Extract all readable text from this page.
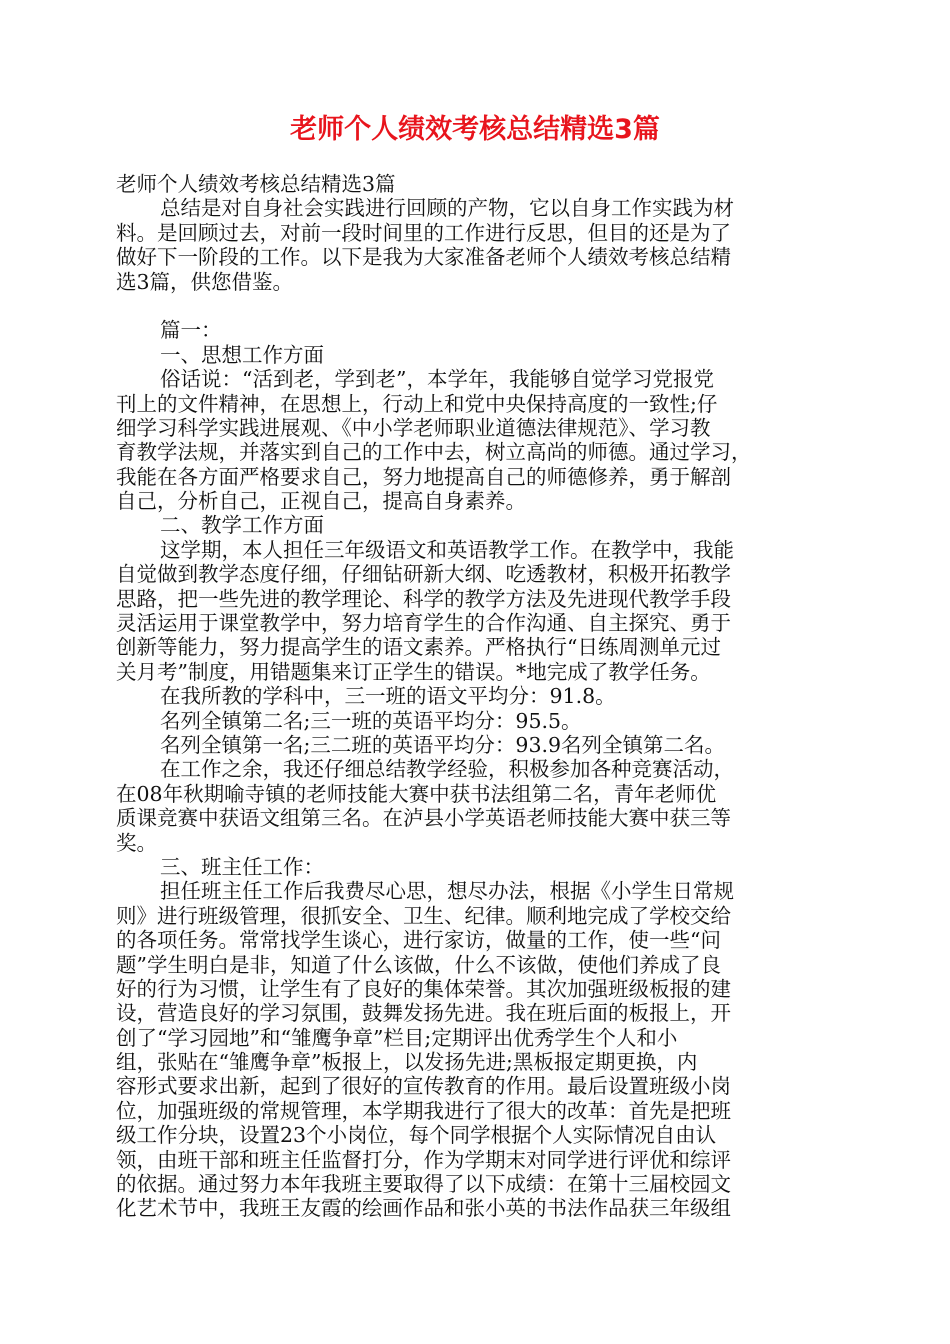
老师个人绩效考核总结精选3篇
老师个人绩效考核总结精选3篇
总结是对自身社会实践进行回顾的产物，它以自身工作实践为材
料。是回顾过去，对前一段时间里的工作进行反思，但目的还是为了
做好下一阶段的工作。以下是我为大家准备老师个人绩效考核总结精
选3篇，供您借鉴。
篇一：
一、思想工作方面
俗话说：“活到老，学到老”，本学年，我能够自觉学习党报党
刊上的文件精神，在思想上，行动上和党中央保持高度的一致性;仔
细学习科学实践进展观、《中小学老师职业道德法律规范》、学习教
育教学法规，并落实到自己的工作中去，树立高尚的师德。通过学习，
我能在各方面严格要求自己，努力地提高自己的师德修养，勇于解剖
自己，分析自己，正视自己，提高自身素养。
二、教学工作方面
这学期，本人担任三年级语文和英语教学工作。在教学中，我能
自觉做到教学态度仔细，仔细钻研新大纲、吃透教材，积极开拓教学
思路，把一些先进的教学理论、科学的教学方法及先进现代教学手段
灵活运用于课堂教学中，努力培育学生的合作沟通、自主探究、勇于
创新等能力，努力提高学生的语文素养。严格执行“日练周测单元过
关月考”制度，用错题集来订正学生的错误。*地完成了教学任务。
在我所教的学科中，三一班的语文平均分：91.8。
名列全镇第二名;三一班的英语平均分：95.5。
名列全镇第一名;三二班的英语平均分：93.9名列全镇第二名。
在工作之余，我还仔细总结教学经验，积极参加各种竞赛活动，
在08年秋期喻寺镇的老师技能大赛中获书法组第二名，青年老师优
质课竞赛中获语文组第三名。在泸县小学英语老师技能大赛中获三等
奖。
三、班主任工作：
担任班主任工作后我费尽心思，想尽办法，根据《小学生日常规
则》进行班级管理，很抓安全、卫生、纪律。顺利地完成了学校交给
的各项任务。常常找学生谈心，进行家访，做量的工作，使一些“问
题”学生明白是非，知道了什么该做，什么不该做，使他们养成了良
好的行为习惯，让学生有了良好的集体荣誉。其次加强班级板报的建
设，营造良好的学习氛围，鼓舞发扬先进。我在班后面的板报上，开
创了“学习园地”和“雏鹰争章”栏目;定期评出优秀学生个人和小
组，张贴在“雏鹰争章”板报上，以发扬先进;黑板报定期更换，内
容形式要求出新，起到了很好的宣传教育的作用。最后设置班级小岗
位，加强班级的常规管理，本学期我进行了很大的改革：首先是把班
级工作分块，设置23个小岗位，每个同学根据个人实际情况自由认
领，由班干部和班主任监督打分，作为学期末对同学进行评优和综评
的依据。通过努力本年我班主要取得了以下成绩：在第十三届校园文
化艺术节中，我班王友霞的绘画作品和张小英的书法作品获三年级组
